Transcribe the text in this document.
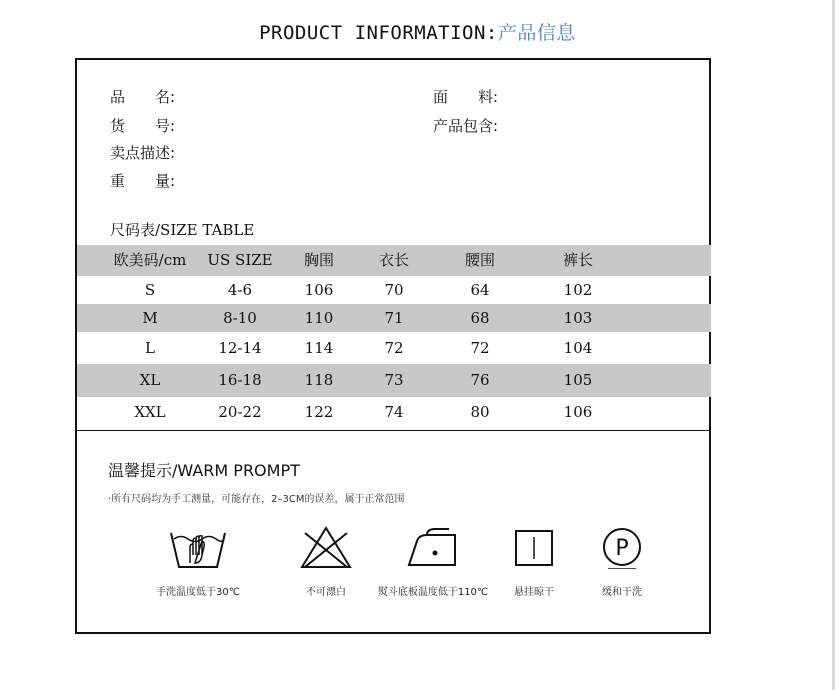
PRODUCT INFORMATION:产品信息
品　　名:	面　　料:
货　　号:	产品包含:
卖点描述:
重　　量:
尺码表/SIZE TABLE
欧美码/cm	US SIZE	胸围	衣长	腰围	裤长
S	4-6	106	70	64	102
M	8-10	110	71	68	103
L	12-14	114	72	72	104
XL	16-18	118	73	76	105
XXL	20-22	122	74	80	106
温馨提示/WARM PROMPT
·所有尺码均为手工测量，可能存在，2–3CM的误差，属于正常范围
手洗温度低于30℃	不可漂白	熨斗底板温度低于110℃	悬挂晾干
P
缓和干洗
